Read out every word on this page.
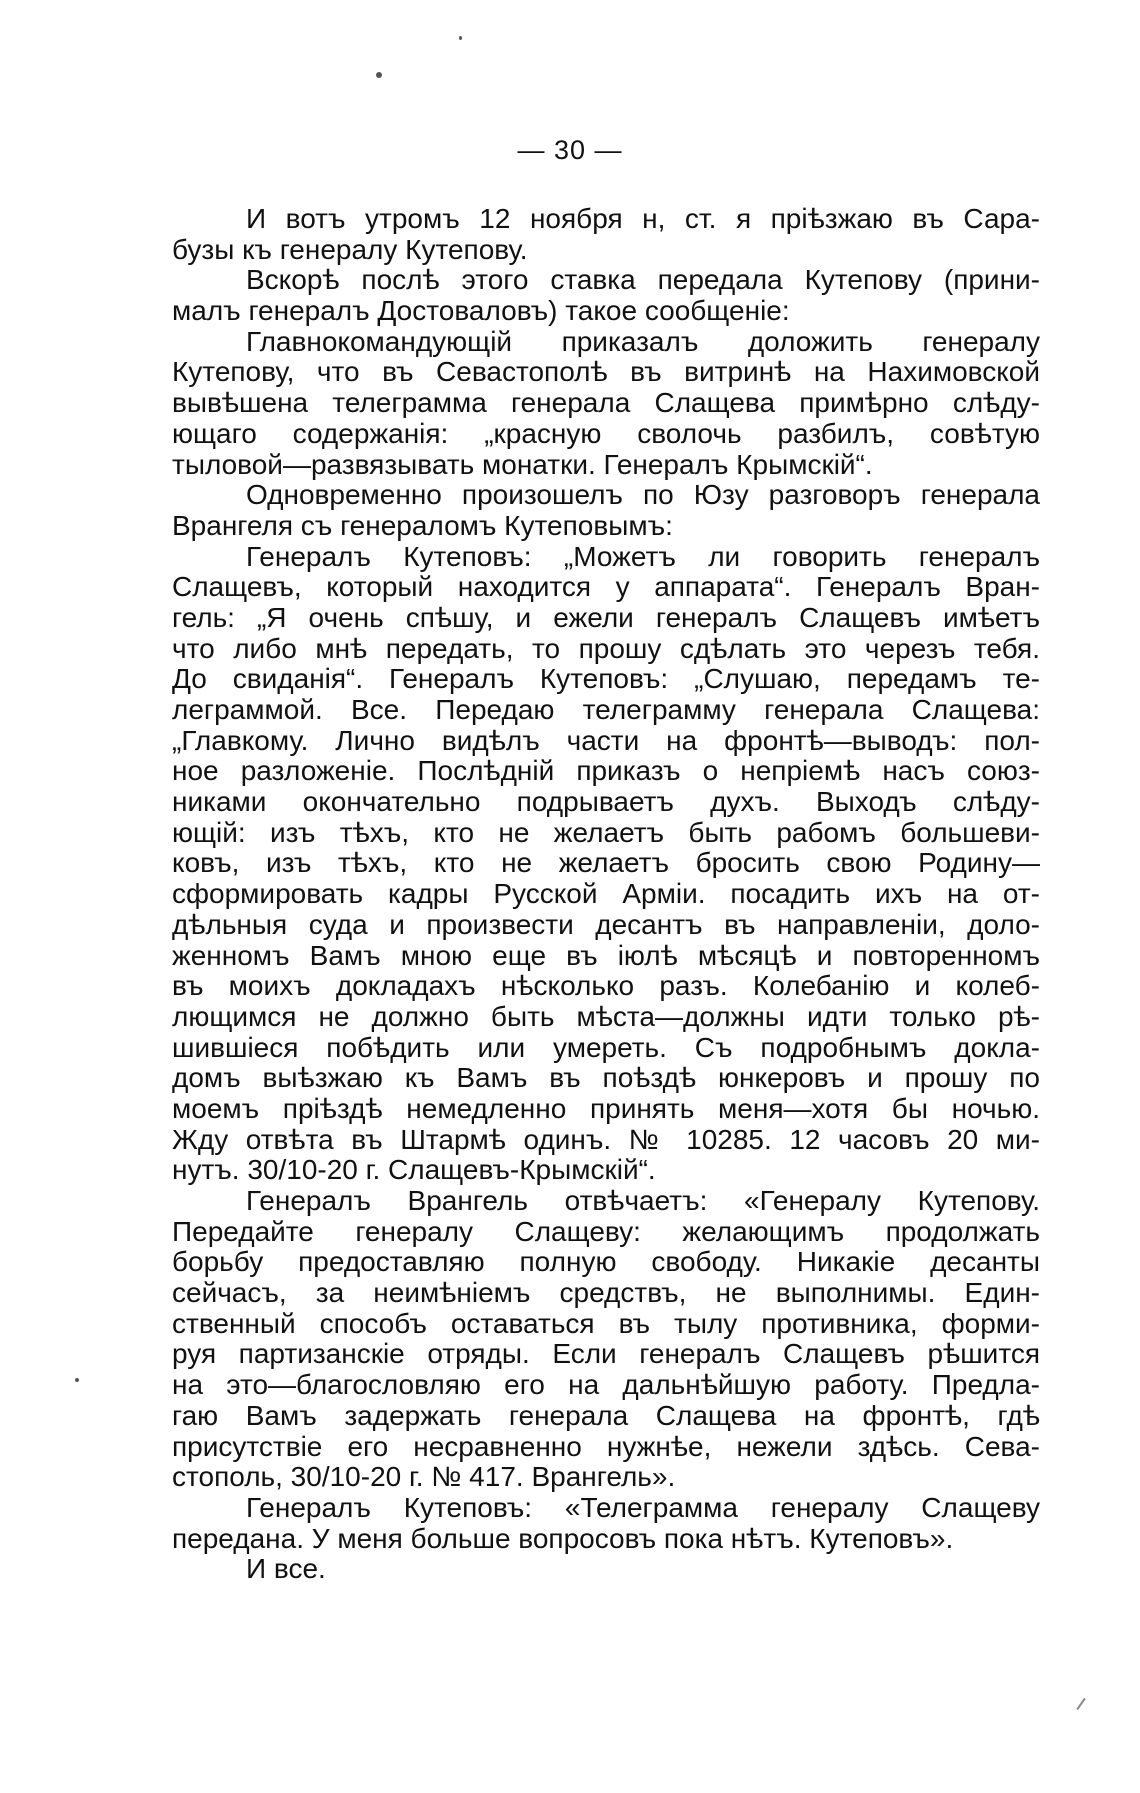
— 30 —
И вотъ утромъ 12 ноября н, ст. я пріѣзжаю въ Сара-
бузы къ генералу Кутепову.
Вскорѣ послѣ этого ставка передала Кутепову (прини-
малъ генералъ Достоваловъ) такое сообщеніе:
Главнокомандующій приказалъ доложить генералу
Кутепову, что въ Севастополѣ въ витринѣ на Нахимовской
вывѣшена телеграмма генерала Слащева примѣрно слѣду-
ющаго содержанія: „красную сволочь разбилъ, совѣтую
тыловой—развязывать монатки. Генералъ Крымскій“.
Одновременно произошелъ по Юзу разговоръ генерала
Врангеля съ генераломъ Кутеповымъ:
Генералъ Кутеповъ: „Можетъ ли говорить генералъ
Слащевъ, который находится у аппарата“. Генералъ Вран-
гель: „Я очень спѣшу, и ежели генералъ Слащевъ имѣетъ
что либо мнѣ передать, то прошу сдѣлать это черезъ тебя.
До свиданія“. Генералъ Кутеповъ: „Слушаю, передамъ те-
леграммой. Все. Передаю телеграмму генерала Слащева:
„Главкому. Лично видѣлъ части на фронтѣ—выводъ: пол-
ное разложеніе. Послѣдній приказъ о непріемѣ насъ союз-
никами окончательно подрываетъ духъ. Выходъ слѣду-
ющій: изъ тѣхъ, кто не желаетъ быть рабомъ большеви-
ковъ, изъ тѣхъ, кто не желаетъ бросить свою Родину—
сформировать кадры Русской Арміи. посадить ихъ на от-
дѣльныя суда и произвести десантъ въ направленіи, доло-
женномъ Вамъ мною еще въ іюлѣ мѣсяцѣ и повторенномъ
въ моихъ докладахъ нѣсколько разъ. Колебанію и колеб-
лющимся не должно быть мѣста—должны идти только рѣ-
шившіеся побѣдить или умереть. Съ подробнымъ докла-
домъ выѣзжаю къ Вамъ въ поѣздѣ юнкеровъ и прошу по
моемъ пріѣздѣ немедленно принять меня—хотя бы ночью.
Жду отвѣта въ Штармѣ одинъ. № 10285. 12 часовъ 20 ми-
нутъ. 30/10-20 г. Слащевъ-Крымскій“.
Генералъ Врангель отвѣчаетъ: «Генералу Кутепову.
Передайте генералу Слащеву: желающимъ продолжать
борьбу предоставляю полную свободу. Никакіе десанты
сейчасъ, за неимѣніемъ средствъ, не выполнимы. Един-
ственный способъ оставаться въ тылу противника, форми-
руя партизанскіе отряды. Если генералъ Слащевъ рѣшится
на это—благословляю его на дальнѣйшую работу. Предла-
гаю Вамъ задержать генерала Слащева на фронтѣ, гдѣ
присутствіе его несравненно нужнѣе, нежели здѣсь. Сева-
стополь, 30/10-20 г. № 417. Врангель».
Генералъ Кутеповъ: «Телеграмма генералу Слащеву
передана. У меня больше вопросовъ пока нѣтъ. Кутеповъ».
И все.
